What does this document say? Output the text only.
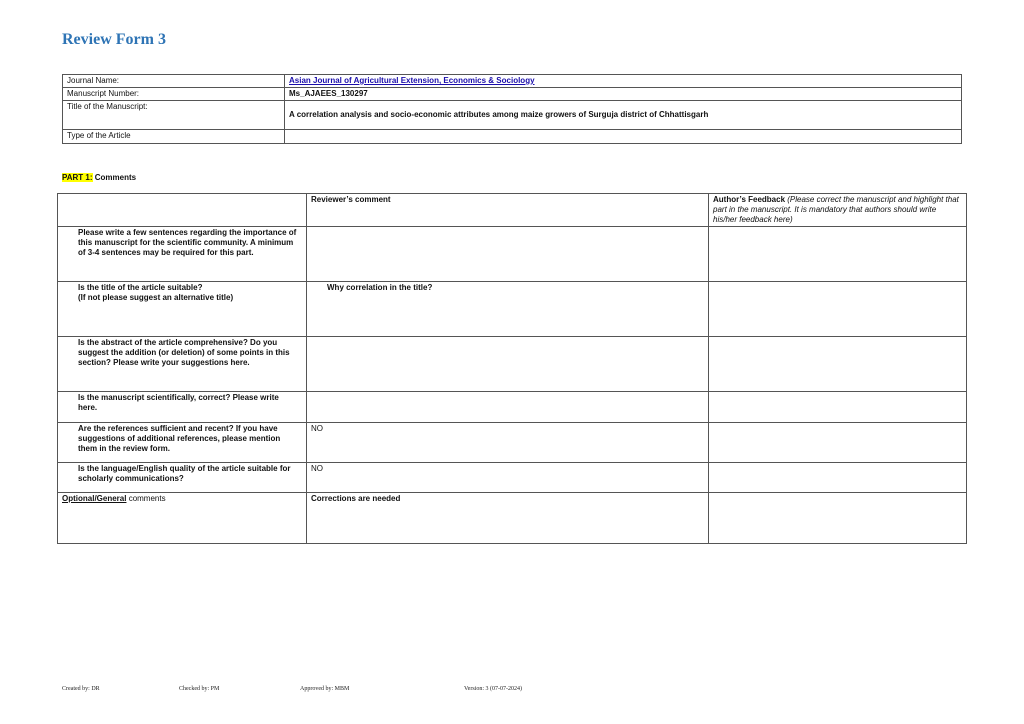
Review Form 3
Journal Name:	Asian Journal of Agricultural Extension, Economics & Sociology
Manuscript Number:	Ms_AJAEES_130297
Title of the Manuscript:	A correlation analysis and socio-economic attributes among maize growers of Surguja district of Chhattisgarh
Type of the Article	
PART 1: Comments
	Reviewer’s comment	Author’s Feedback (Please correct the manuscript and highlight that part in the manuscript. It is mandatory that authors should write his/her feedback here)
Please write a few sentences regarding the importance of this manuscript for the scientific community. A minimum of 3-4 sentences may be required for this part.		
Is the title of the article suitable?
(If not please suggest an alternative title)	Why correlation in the title?	
Is the abstract of the article comprehensive? Do you suggest the addition (or deletion) of some points in this section? Please write your suggestions here.		
Is the manuscript scientifically, correct? Please write here.		
Are the references sufficient and recent? If you have suggestions of additional references, please mention them in the review form.	NO	
Is the language/English quality of the article suitable for scholarly communications?	NO	
Optional/General comments	Corrections are needed	
Created by: DR	Checked by: PM	Approved by: MBM	Version: 3 (07-07-2024)
